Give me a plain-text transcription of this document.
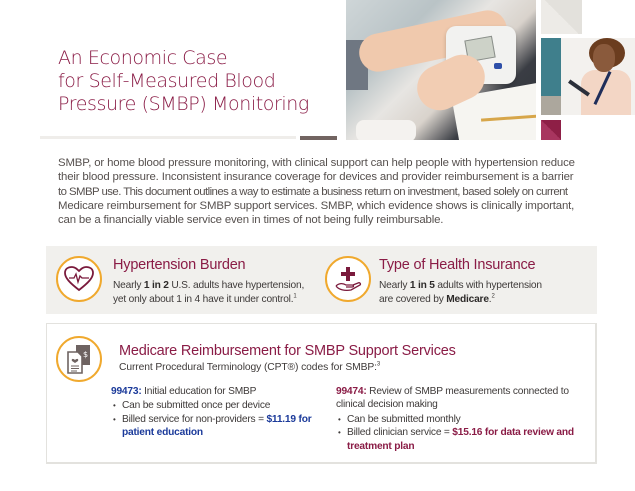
An Economic Case
for Self-Measured Blood
Pressure (SMBP) Monitoring
SMBP, or home blood pressure monitoring, with clinical support can help people with hypertension reduce
their blood pressure. Inconsistent insurance coverage for devices and provider reimbursement is a barrier
to SMBP use. This document outlines a way to estimate a business return on investment, based solely on current
Medicare reimbursement for SMBP support services. SMBP, which evidence shows is clinically important,
can be a financially viable service even in times of not being fully reimbursable.
Hypertension Burden
Nearly 1 in 2 U.S. adults have hypertension,
yet only about 1 in 4 have it under control.$^1$
Type of Health Insurance
Nearly 1 in 5 adults with hypertension
are covered by Medicare.$^2$
$ Medicare Reimbursement for SMBP Support Services
Current Procedural Terminology (CPT®) codes for SMBP:$^3$
99473: Initial education for SMBP
• Can be submitted once per device
• Billed service for non-providers = $11.19 for patient education
99474: Review of SMBP measurements connected to clinical decision making
• Can be submitted monthly
• Billed clinician service = $15.16 for data review and treatment plan
